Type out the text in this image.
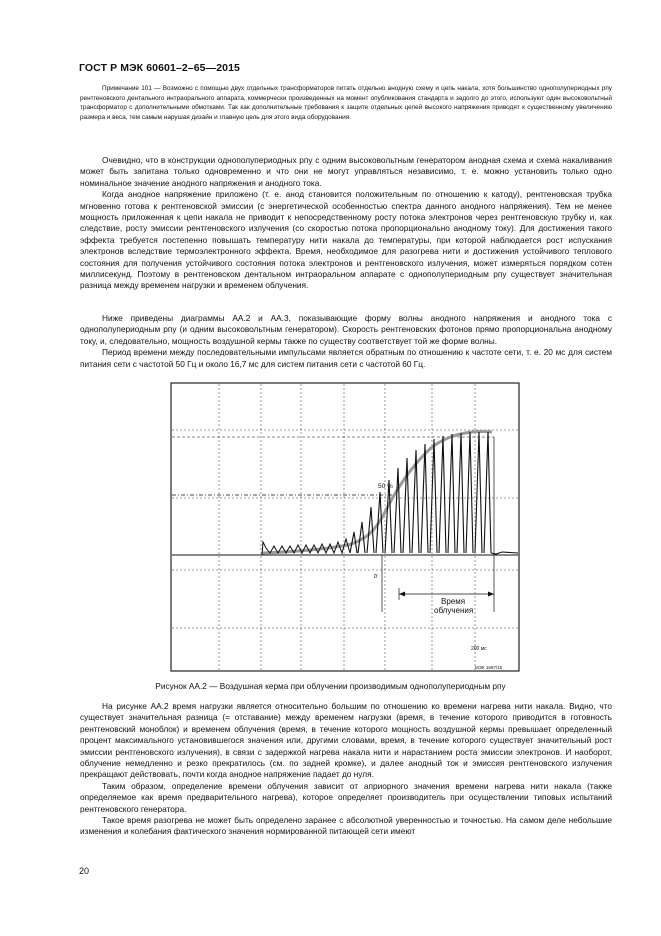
ГОСТ Р МЭК 60601–2–65—2015

Примечание 101 — Возможно с помощью двух отдельных трансформаторов питать отдельно анодную схему и цепь накала, хотя большинство однополупериодных рпу рентгеновского дентального интраорального аппарата, коммерчески произведенных на момент опубликования стандарта и задолго до этого, используют один высоковольтный трансформатор с дополнительными обмотками. Так как дополнительные требования к защите отдельных цепей высокого напряжения приводят к существенному увеличению размера и веса, тем самым нарушая дизайн и главную цель для этого вида оборудования.

Очевидно, что в конструкции однополупериодных рпу с одним высоковольтным генератором анодная схема и схема накаливания может быть запитана только одновременно и что они не могут управляться независимо, т. е. можно установить только одно номинальное значение анодного напряжения и анодного тока.

Когда анодное напряжение приложено (т. е. анод становится положительным по отношению к катоду), рентгеновская трубка мгновенно готова к рентгеновской эмиссии (с энергетической особенностью спектра данного анодного напряжения). Тем не менее мощность приложенная к цепи накала не приводит к непосредственному росту потока электронов через рентгеновскую трубку и, как следствие, росту эмиссии рентгеновского излучения (со скоростью потока пропорционально анодному току). Для достижения такого эффекта требуется постепенно повышать температуру нити накала до температуры, при которой наблюдается рост испускания электронов вследствие термоэлектронного эффекта. Время, необходимое для разогрева нити и достижения устойчивого теплового состояния для получения устойчивого состояния потока электронов и рентгеновского излучения, может измеряться порядком сотен миллисекунд. Поэтому в рентгеновском дентальном интраоральном аппарате с однополупериодным рпу существует значительная разница между временем нагрузки и временем облучения.

Ниже приведены диаграммы АА.2 и АА.3, показывающие форму волны анодного напряжения и анодного тока с однополупериодным рпу (и одним высоковольтным генератором). Скорость рентгеновских фотонов прямо пропорциональна анодному току, и, следовательно, мощность воздушной кермы также по существу соответствует той же форме волны.

Период времени между последовательными импульсами является обратным по отношению к частоте сети, т. е. 20 мс для систем питания сети с частотой 50 Гц и около 16,7 мс для систем питания сети с частотой 60 Гц.

50 %
tr
Время
облучения
200 мс
МЭК 1687/15
Рисунок АА.2 — Воздушная керма при облучении производимым однополупериодным рпу

На рисунке АА.2 время нагрузки является относительно большим по отношению ко времени нагрева нити накала. Видно, что существует значительная разница (= отставание) между временем нагрузки (время, в течение которого приводится в готовность рентгеновский моноблок) и временем облучения (время, в течение которого мощность воздушной кермы превышает определенный процент максимального установившегося значения или, другими словами, время, в течение которого существует значительный рост эмиссии рентгеновского излучения), в связи с задержкой нагрева накала нити и нарастанием роста эмиссии электронов. И наоборот, облучение немедленно и резко прекратилось (см. по задней кромке), и далее анодный ток и эмиссия рентгеновского излучения прекращают действовать, почти когда анодное напряжение падает до нуля.

Таким образом, определение времени облучения зависит от априорного значения времени нагрева нити накала (также определяемое как время предварительного нагрева), которое определяет производитель при осуществлении типовых испытаний рентгеновского генератора.

Такое время разогрева не может быть определено заранее с абсолютной уверенностью и точностью. На самом деле небольшие изменения и колебания фактического значения нормированной питающей сети имеют

20
